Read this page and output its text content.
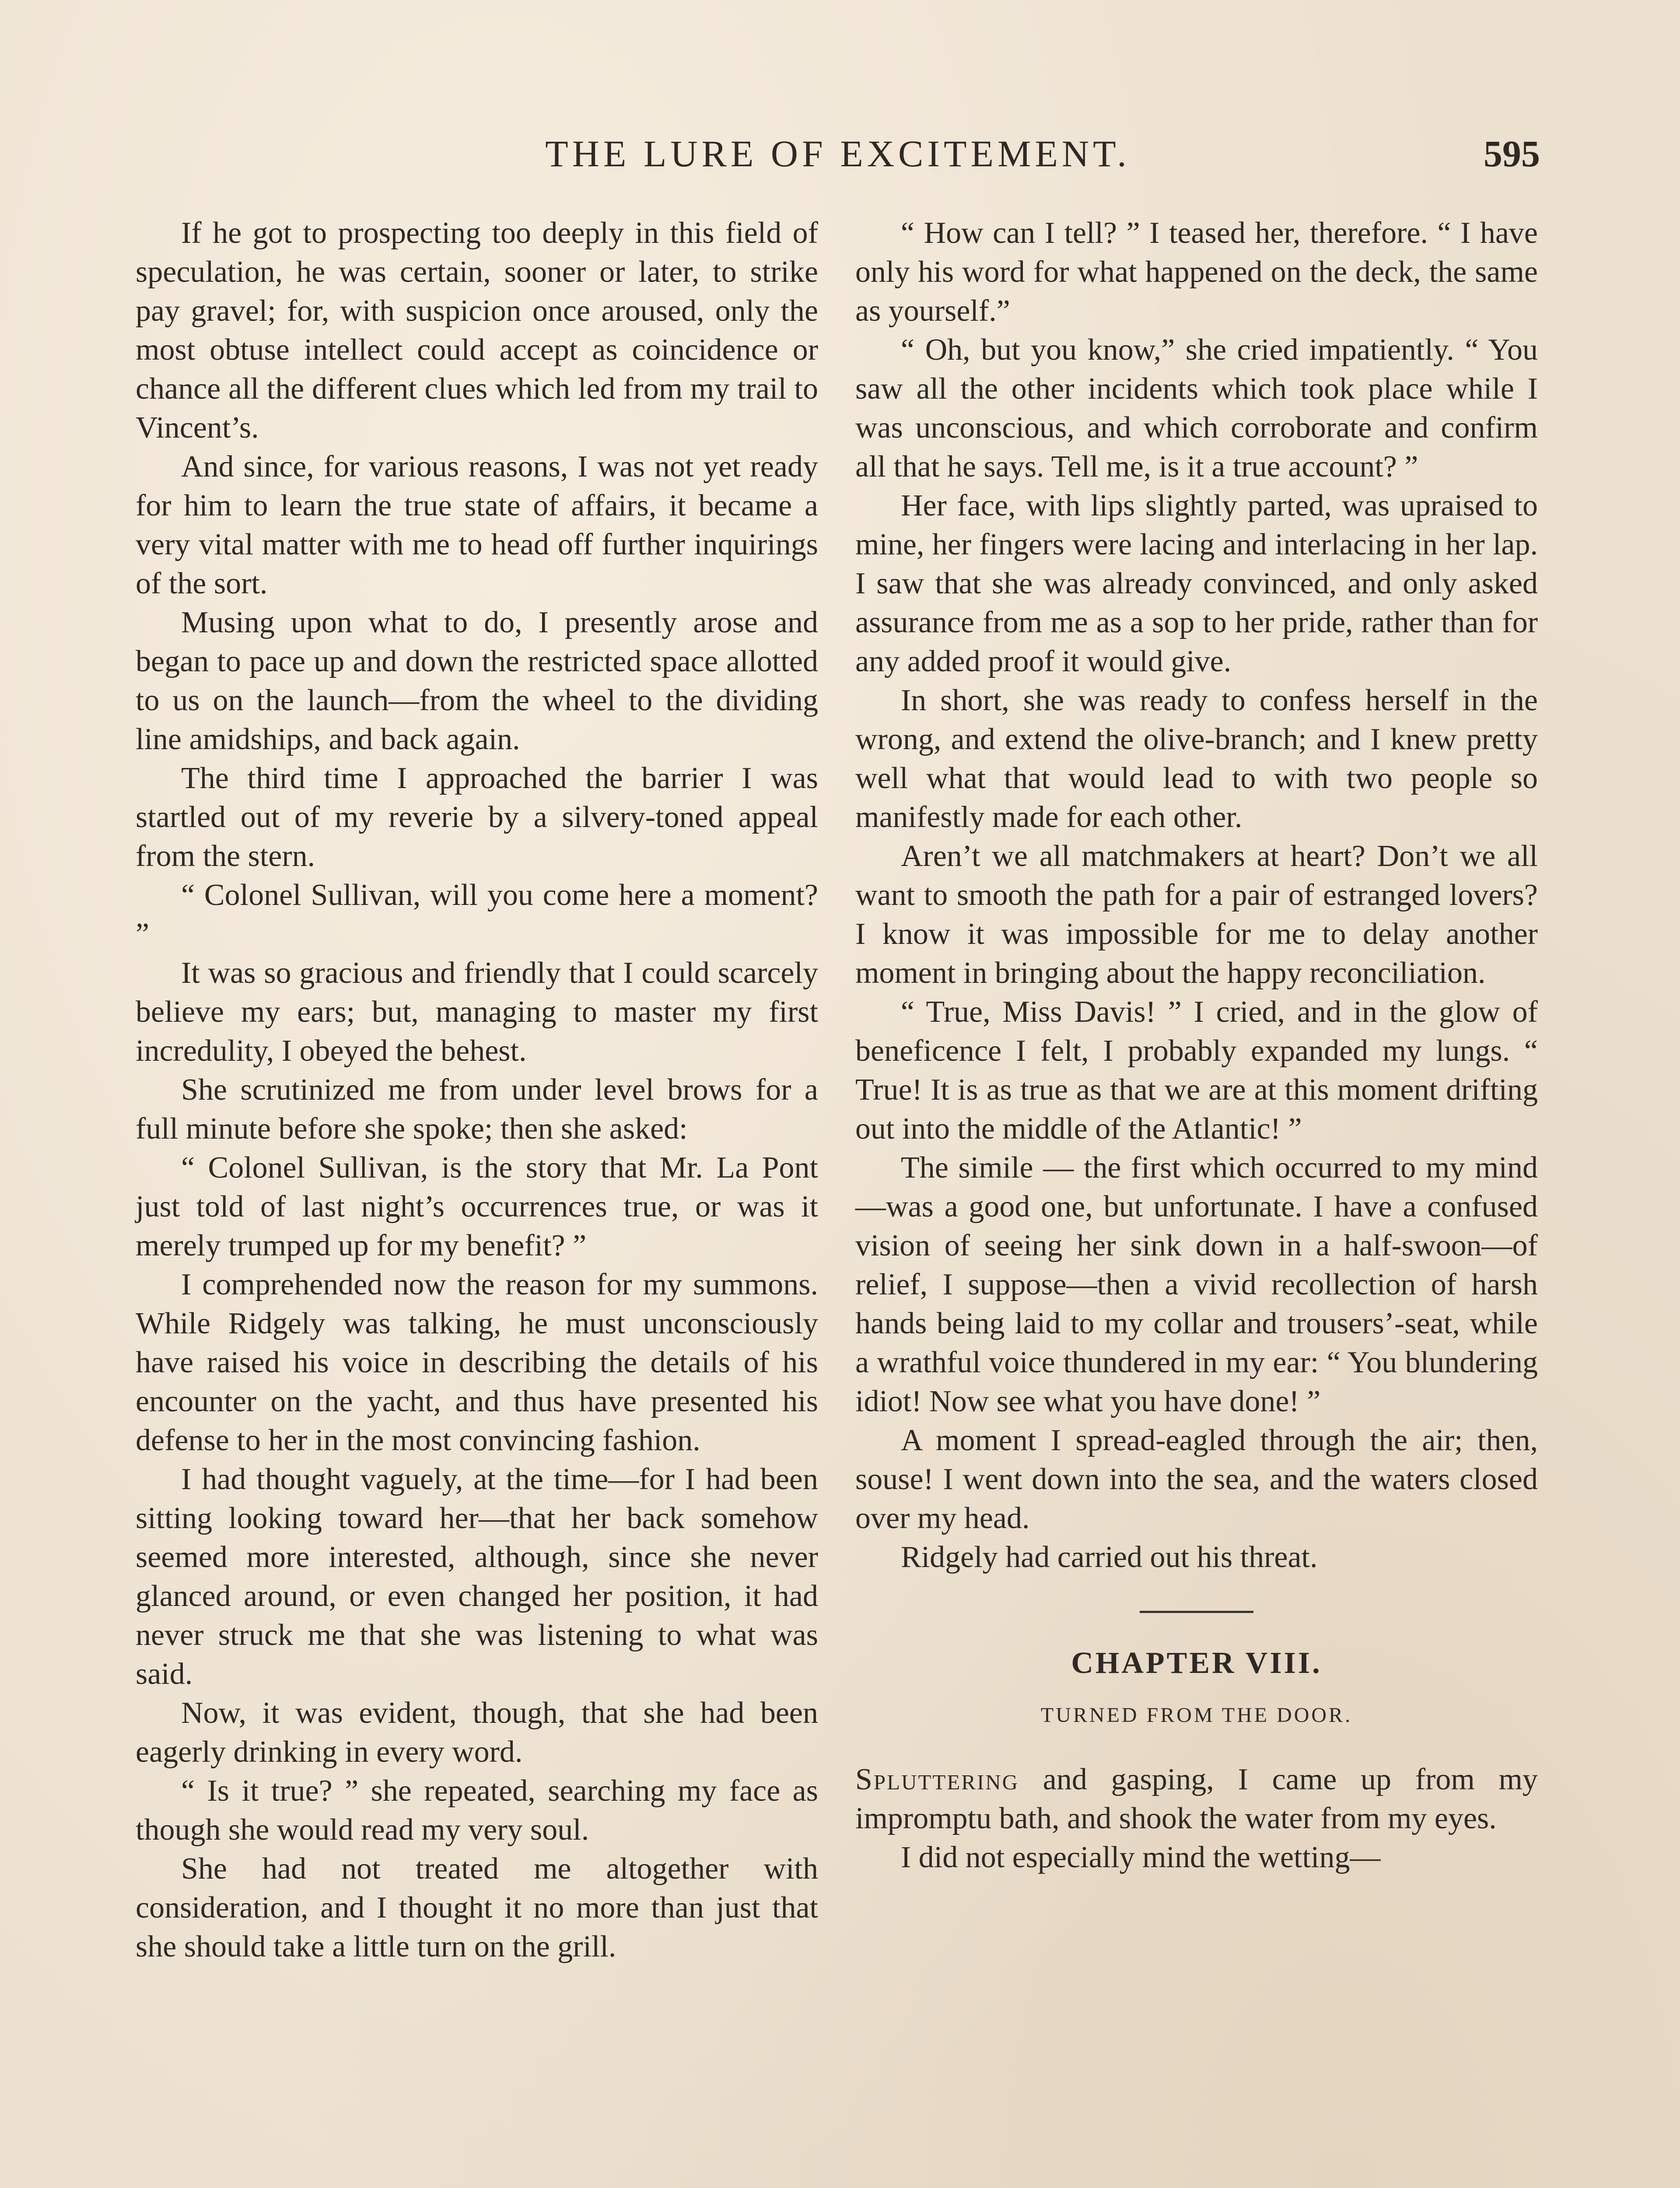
THE LURE OF EXCITEMENT.	595

If he got to prospecting too deeply in this field of speculation, he was certain, sooner or later, to strike pay gravel; for, with suspicion once aroused, only the most obtuse intellect could accept as coincidence or chance all the different clues which led from my trail to Vincent’s.

And since, for various reasons, I was not yet ready for him to learn the true state of affairs, it became a very vital matter with me to head off further inquirings of the sort.

Musing upon what to do, I presently arose and began to pace up and down the restricted space allotted to us on the launch—from the wheel to the dividing line amidships, and back again.

The third time I approached the barrier I was startled out of my reverie by a silvery-toned appeal from the stern.

“ Colonel Sullivan, will you come here a moment? ”

It was so gracious and friendly that I could scarcely believe my ears; but, managing to master my first incredulity, I obeyed the behest.

She scrutinized me from under level brows for a full minute before she spoke; then she asked:

“ Colonel Sullivan, is the story that Mr. La Pont just told of last night’s occurrences true, or was it merely trumped up for my benefit? ”

I comprehended now the reason for my summons. While Ridgely was talking, he must unconsciously have raised his voice in describing the details of his encounter on the yacht, and thus have presented his defense to her in the most convincing fashion.

I had thought vaguely, at the time—for I had been sitting looking toward her—that her back somehow seemed more interested, although, since she never glanced around, or even changed her position, it had never struck me that she was listening to what was said.

Now, it was evident, though, that she had been eagerly drinking in every word.

“ Is it true? ” she repeated, searching my face as though she would read my very soul.

She had not treated me altogether with consideration, and I thought it no more than just that she should take a little turn on the grill.

“ How can I tell? ” I teased her, therefore. “ I have only his word for what happened on the deck, the same as yourself.”

“ Oh, but you know,” she cried impatiently. “ You saw all the other incidents which took place while I was unconscious, and which corroborate and confirm all that he says. Tell me, is it a true account? ”

Her face, with lips slightly parted, was upraised to mine, her fingers were lacing and interlacing in her lap. I saw that she was already convinced, and only asked assurance from me as a sop to her pride, rather than for any added proof it would give.

In short, she was ready to confess herself in the wrong, and extend the olive-branch; and I knew pretty well what that would lead to with two people so manifestly made for each other.

Aren’t we all matchmakers at heart? Don’t we all want to smooth the path for a pair of estranged lovers? I know it was impossible for me to delay another moment in bringing about the happy reconciliation.

“ True, Miss Davis! ” I cried, and in the glow of beneficence I felt, I probably expanded my lungs. “ True! It is as true as that we are at this moment drifting out into the middle of the Atlantic! ”

The simile — the first which occurred to my mind—was a good one, but unfortunate. I have a confused vision of seeing her sink down in a half-swoon—of relief, I suppose—then a vivid recollection of harsh hands being laid to my collar and trousers’-seat, while a wrathful voice thundered in my ear: “ You blundering idiot! Now see what you have done! ”

A moment I spread-eagled through the air; then, souse! I went down into the sea, and the waters closed over my head.

Ridgely had carried out his threat.

CHAPTER VIII.
TURNED FROM THE DOOR.

Spluttering and gasping, I came up from my impromptu bath, and shook the water from my eyes.

I did not especially mind the wetting—
